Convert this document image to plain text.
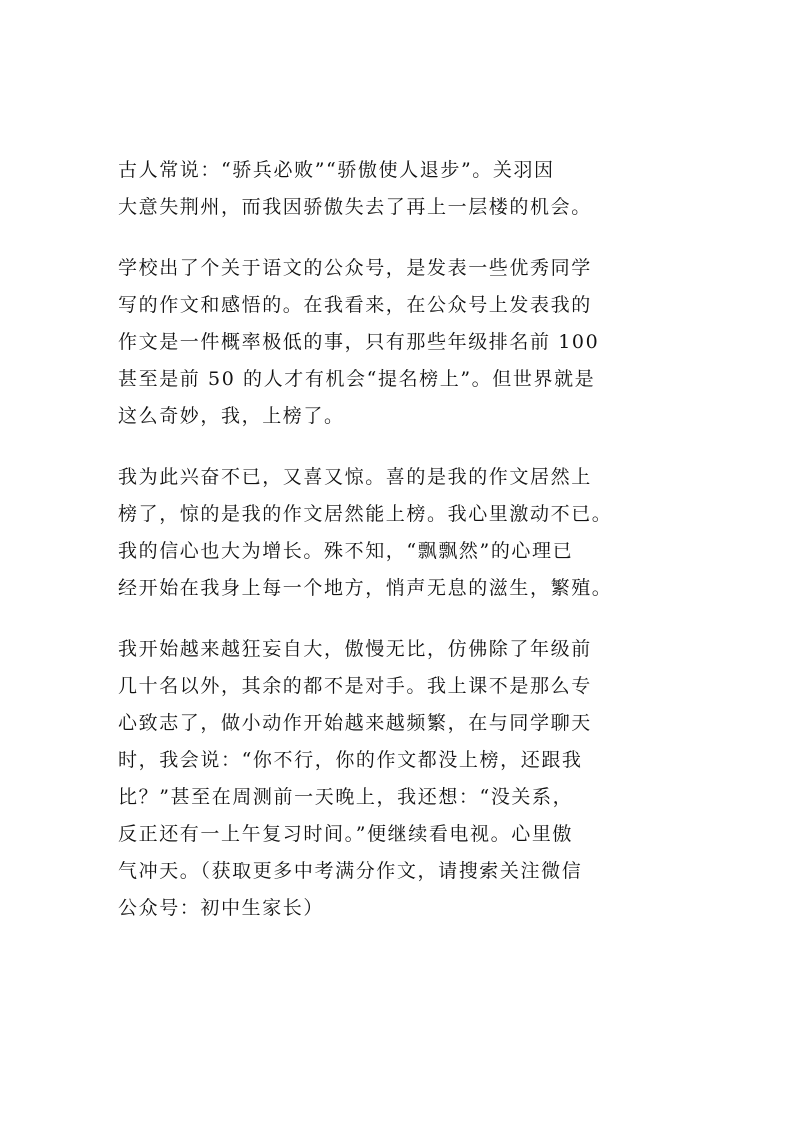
古人常说：“骄兵必败”“骄傲使人退步”。关羽因
大意失荆州，而我因骄傲失去了再上一层楼的机会。

学校出了个关于语文的公众号，是发表一些优秀同学
写的作文和感悟的。在我看来，在公众号上发表我的
作文是一件概率极低的事，只有那些年级排名前 100
甚至是前 50 的人才有机会“提名榜上”。但世界就是
这么奇妙，我，上榜了。

我为此兴奋不已，又喜又惊。喜的是我的作文居然上
榜了，惊的是我的作文居然能上榜。我心里激动不已。
我的信心也大为增长。殊不知，“飘飘然”的心理已
经开始在我身上每一个地方，悄声无息的滋生，繁殖。

我开始越来越狂妄自大，傲慢无比，仿佛除了年级前
几十名以外，其余的都不是对手。我上课不是那么专
心致志了，做小动作开始越来越频繁，在与同学聊天
时，我会说：“你不行，你的作文都没上榜，还跟我
比？”甚至在周测前一天晚上，我还想：“没关系，
反正还有一上午复习时间。”便继续看电视。心里傲
气冲天。（获取更多中考满分作文，请搜索关注微信
公众号：初中生家长）
